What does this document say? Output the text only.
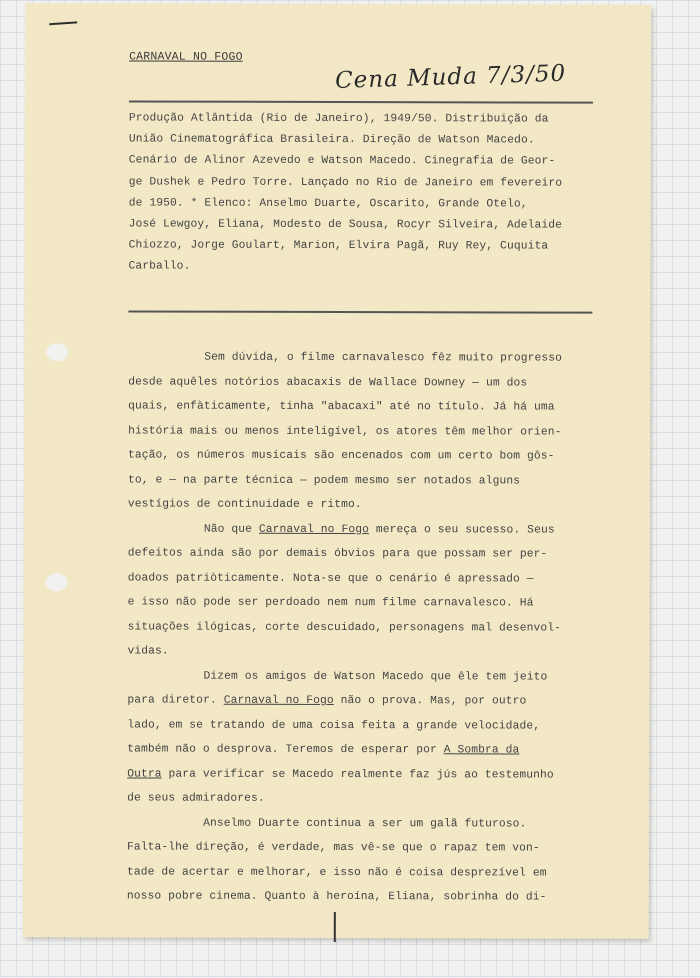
CARNAVAL NO FOGO
Cena Muda 7/3/50
Produção Atlântida (Rio de Janeiro), 1949/50. Distribuição da
União Cinematográfica Brasileira. Direção de Watson Macedo.
Cenário de Alinor Azevedo e Watson Macedo. Cinegrafia de Geor-
ge Dushek e Pedro Torre. Lançado no Rio de Janeiro em fevereiro
de 1950. * Elenco: Anselmo Duarte, Oscarito, Grande Otelo,
José Lewgoy, Eliana, Modesto de Sousa, Rocyr Silveira, Adelaide
Chiozzo, Jorge Goulart, Marion, Elvira Pagã, Ruy Rey, Cuquita
Carballo.
Sem dúvida, o filme carnavalesco fêz muito progresso
desde aquêles notórios abacaxis de Wallace Downey — um dos
quais, enfàticamente, tinha "abacaxi" até no título. Já há uma
história mais ou menos inteligível, os atores têm melhor orien-
tação, os números musicais são encenados com um certo bom gôs-
to, e — na parte técnica — podem mesmo ser notados alguns
vestígios de continuidade e ritmo.
Não que Carnaval no Fogo mereça o seu sucesso. Seus
defeitos ainda são por demais óbvios para que possam ser per-
doados patriòticamente. Nota-se que o cenário é apressado —
e isso não pode ser perdoado nem num filme carnavalesco. Há
situações ilógicas, corte descuidado, personagens mal desenvol-
vidas.
Dizem os amigos de Watson Macedo que êle tem jeito
para diretor. Carnaval no Fogo não o prova. Mas, por outro
lado, em se tratando de uma coisa feita a grande velocidade,
também não o desprova. Teremos de esperar por A Sombra da
Outra para verificar se Macedo realmente faz jús ao testemunho
de seus admiradores.
Anselmo Duarte continua a ser um galã futuroso.
Falta-lhe direção, é verdade, mas vê-se que o rapaz tem von-
tade de acertar e melhorar, e isso não é coisa desprezível em
nosso pobre cinema. Quanto à heroína, Eliana, sobrinha do di-
